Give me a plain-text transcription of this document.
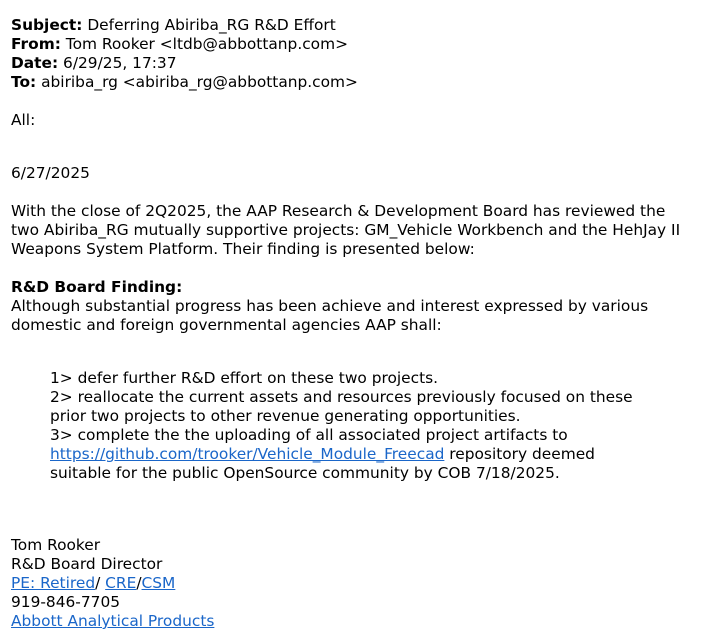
Subject: Deferring Abiriba_RG R&D Effort
From: Tom Rooker <ltdb@abbottanp.com>
Date: 6/29/25, 17:37
To: abiriba_rg <abiriba_rg@abbottanp.com>
All:
6/27/2025
With the close of 2Q2025, the AAP Research & Development Board has reviewed the
two Abiriba_RG mutually supportive projects: GM_Vehicle Workbench and the HehJay II
Weapons System Platform. Their finding is presented below:
R&D Board Finding:
Although substantial progress has been achieve and interest expressed by various
domestic and foreign governmental agencies AAP shall:
1> defer further R&D effort on these two projects.
2> reallocate the current assets and resources previously focused on these
prior two projects to other revenue generating opportunities.
3> complete the the uploading of all associated project artifacts to
https://github.com/trooker/Vehicle_Module_Freecad repository deemed
suitable for the public OpenSource community by COB 7/18/2025.
Tom Rooker
R&D Board Director
PE: Retired/ CRE/CSM
919-846-7705
Abbott Analytical Products
